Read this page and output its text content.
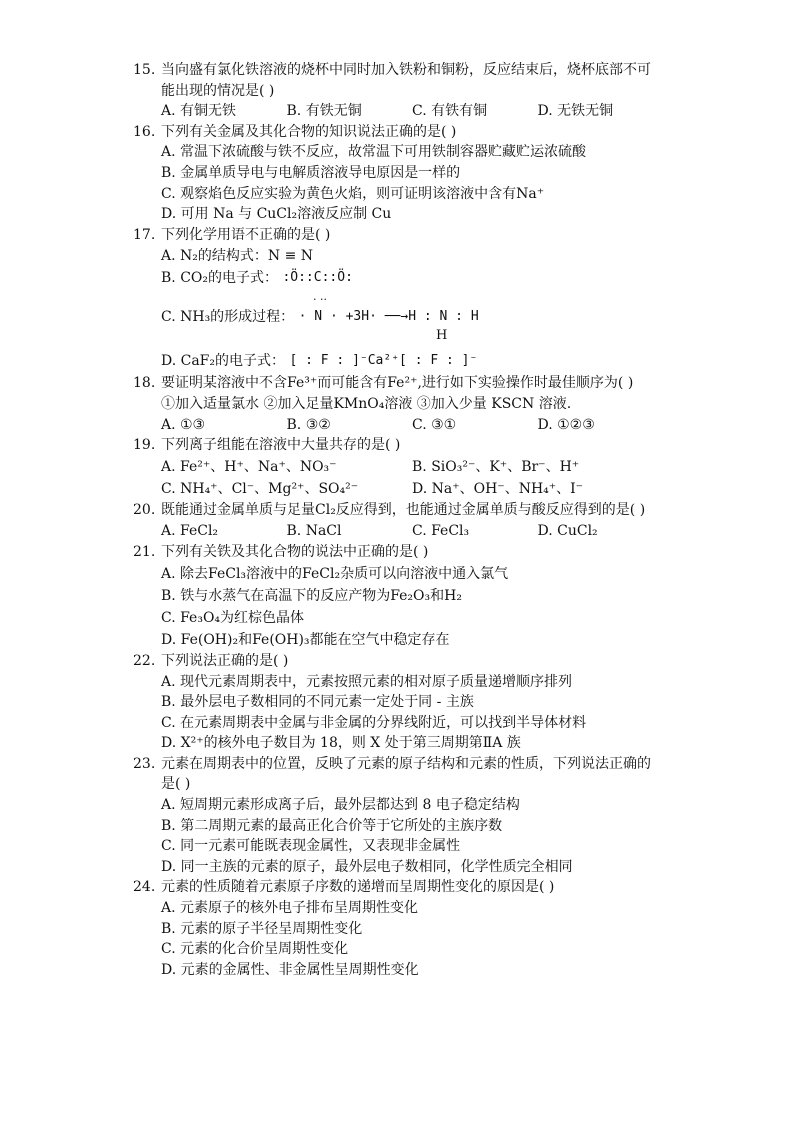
15. 当向盛有氯化铁溶液的烧杯中同时加入铁粉和铜粉，反应结束后，烧杯底部不可能出现的情况是( )
A. 有铜无铁	B. 有铁无铜	C. 有铁有铜	D. 无铁无铜
16. 下列有关金属及其化合物的知识说法正确的是( )
A. 常温下浓硫酸与铁不反应，故常温下可用铁制容器贮藏贮运浓硫酸
B. 金属单质导电与电解质溶液导电原因是一样的
C. 观察焰色反应实验为黄色火焰，则可证明该溶液中含有Na⁺
D. 可用 Na 与 CuCl₂溶液反应制 Cu
17. 下列化学用语不正确的是( )
A. N₂的结构式：N ≡ N
B. CO₂的电子式： :Ö::C::Ö:
· ··
C. NH₃的形成过程： · N · +3H· ──→H : N : H
H
D. CaF₂的电子式： [ : F : ]⁻Ca²⁺[ : F : ]⁻
18. 要证明某溶液中不含Fe³⁺而可能含有Fe²⁺,进行如下实验操作时最佳顺序为( )
①加入适量氯水 ②加入足量KMnO₄溶液 ③加入少量 KSCN 溶液.
A. ①③	B. ③②	C. ③①	D. ①②③
19. 下列离子组能在溶液中大量共存的是( )
A. Fe²⁺、H⁺、Na⁺、NO₃⁻	B. SiO₃²⁻、K⁺、Br⁻、H⁺
C. NH₄⁺、Cl⁻、Mg²⁺、SO₄²⁻	D. Na⁺、OH⁻、NH₄⁺、I⁻
20. 既能通过金属单质与足量Cl₂反应得到，也能通过金属单质与酸反应得到的是( )
A. FeCl₂	B. NaCl	C. FeCl₃	D. CuCl₂
21. 下列有关铁及其化合物的说法中正确的是( )
A. 除去FeCl₃溶液中的FeCl₂杂质可以向溶液中通入氯气
B. 铁与水蒸气在高温下的反应产物为Fe₂O₃和H₂
C. Fe₃O₄为红棕色晶体
D. Fe(OH)₂和Fe(OH)₃都能在空气中稳定存在
22. 下列说法正确的是( )
A. 现代元素周期表中，元素按照元素的相对原子质量递增顺序排列
B. 最外层电子数相同的不同元素一定处于同 - 主族
C. 在元素周期表中金属与非金属的分界线附近，可以找到半导体材料
D. X²⁺的核外电子数目为 18，则 X 处于第三周期第ⅡA 族
23. 元素在周期表中的位置，反映了元素的原子结构和元素的性质，下列说法正确的是( )
A. 短周期元素形成离子后，最外层都达到 8 电子稳定结构
B. 第二周期元素的最高正化合价等于它所处的主族序数
C. 同一元素可能既表现金属性，又表现非金属性
D. 同一主族的元素的原子，最外层电子数相同，化学性质完全相同
24. 元素的性质随着元素原子序数的递增而呈周期性变化的原因是( )
A. 元素原子的核外电子排布呈周期性变化
B. 元素的原子半径呈周期性变化
C. 元素的化合价呈周期性变化
D. 元素的金属性、非金属性呈周期性变化
